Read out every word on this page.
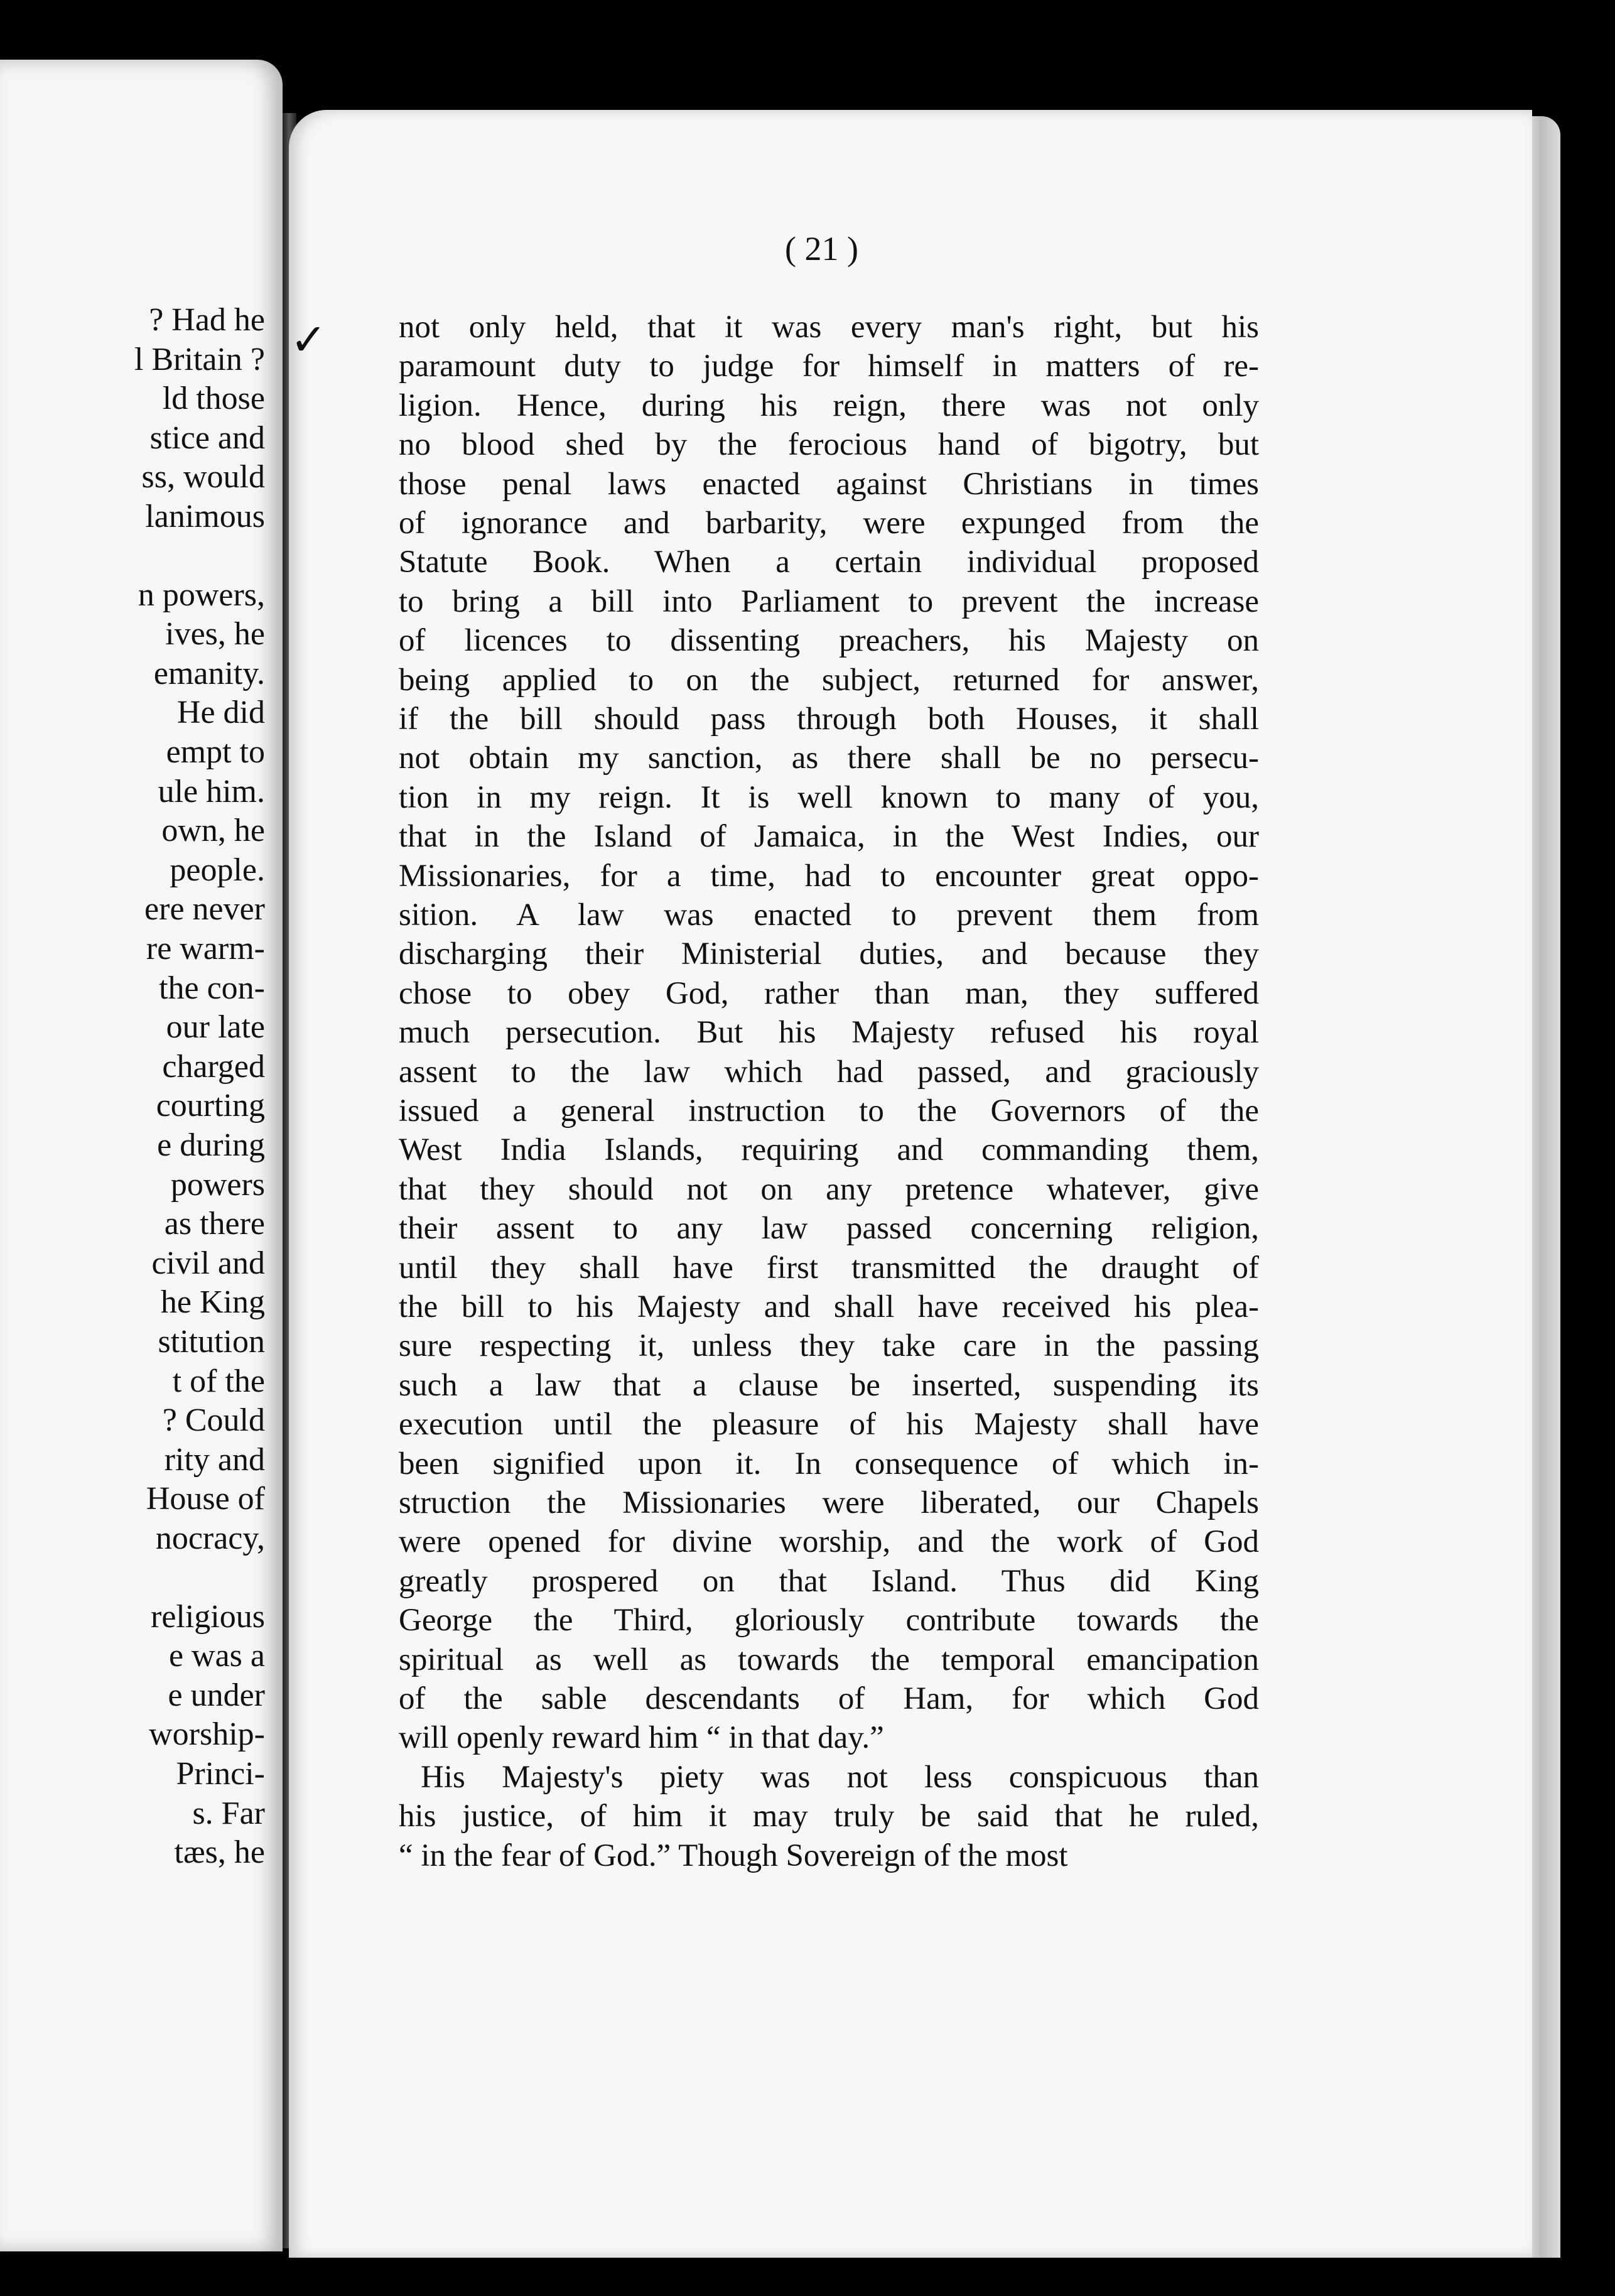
? Had he
l Britain ?
ld those
stice and
ss, would
lanimous
n powers,
ives, he
emanity.
He did
empt to
ule him.
own, he
people.
ere never
re warm-
the con-
our late
charged
courting
e during
powers
as there
civil and
he King
stitution
t of the
? Could
rity and
House of
nocracy,
religious
e was a
e under
worship-
Princi-
s. Far
tæs, he
( 21 )
✓ not only held, that it was every man's right, but his
paramount duty to judge for himself in matters of re-
ligion. Hence, during his reign, there was not only
no blood shed by the ferocious hand of bigotry, but
those penal laws enacted against Christians in times
of ignorance and barbarity, were expunged from the
Statute Book. When a certain individual proposed
to bring a bill into Parliament to prevent the increase
of licences to dissenting preachers, his Majesty on
being applied to on the subject, returned for answer,
if the bill should pass through both Houses, it shall
not obtain my sanction, as there shall be no persecu-
tion in my reign. It is well known to many of you,
that in the Island of Jamaica, in the West Indies, our
Missionaries, for a time, had to encounter great oppo-
sition. A law was enacted to prevent them from
discharging their Ministerial duties, and because they
chose to obey God, rather than man, they suffered
much persecution. But his Majesty refused his royal
assent to the law which had passed, and graciously
issued a general instruction to the Governors of the
West India Islands, requiring and commanding them,
that they should not on any pretence whatever, give
their assent to any law passed concerning religion,
until they shall have first transmitted the draught of
the bill to his Majesty and shall have received his plea-
sure respecting it, unless they take care in the passing
such a law that a clause be inserted, suspending its
execution until the pleasure of his Majesty shall have
been signified upon it. In consequence of which in-
struction the Missionaries were liberated, our Chapels
were opened for divine worship, and the work of God
greatly prospered on that Island. Thus did King
George the Third, gloriously contribute towards the
spiritual as well as towards the temporal emancipation
of the sable descendants of Ham, for which God
will openly reward him “ in that day.”
His Majesty's piety was not less conspicuous than
his justice, of him it may truly be said that he ruled,
“ in the fear of God.” Though Sovereign of the most
